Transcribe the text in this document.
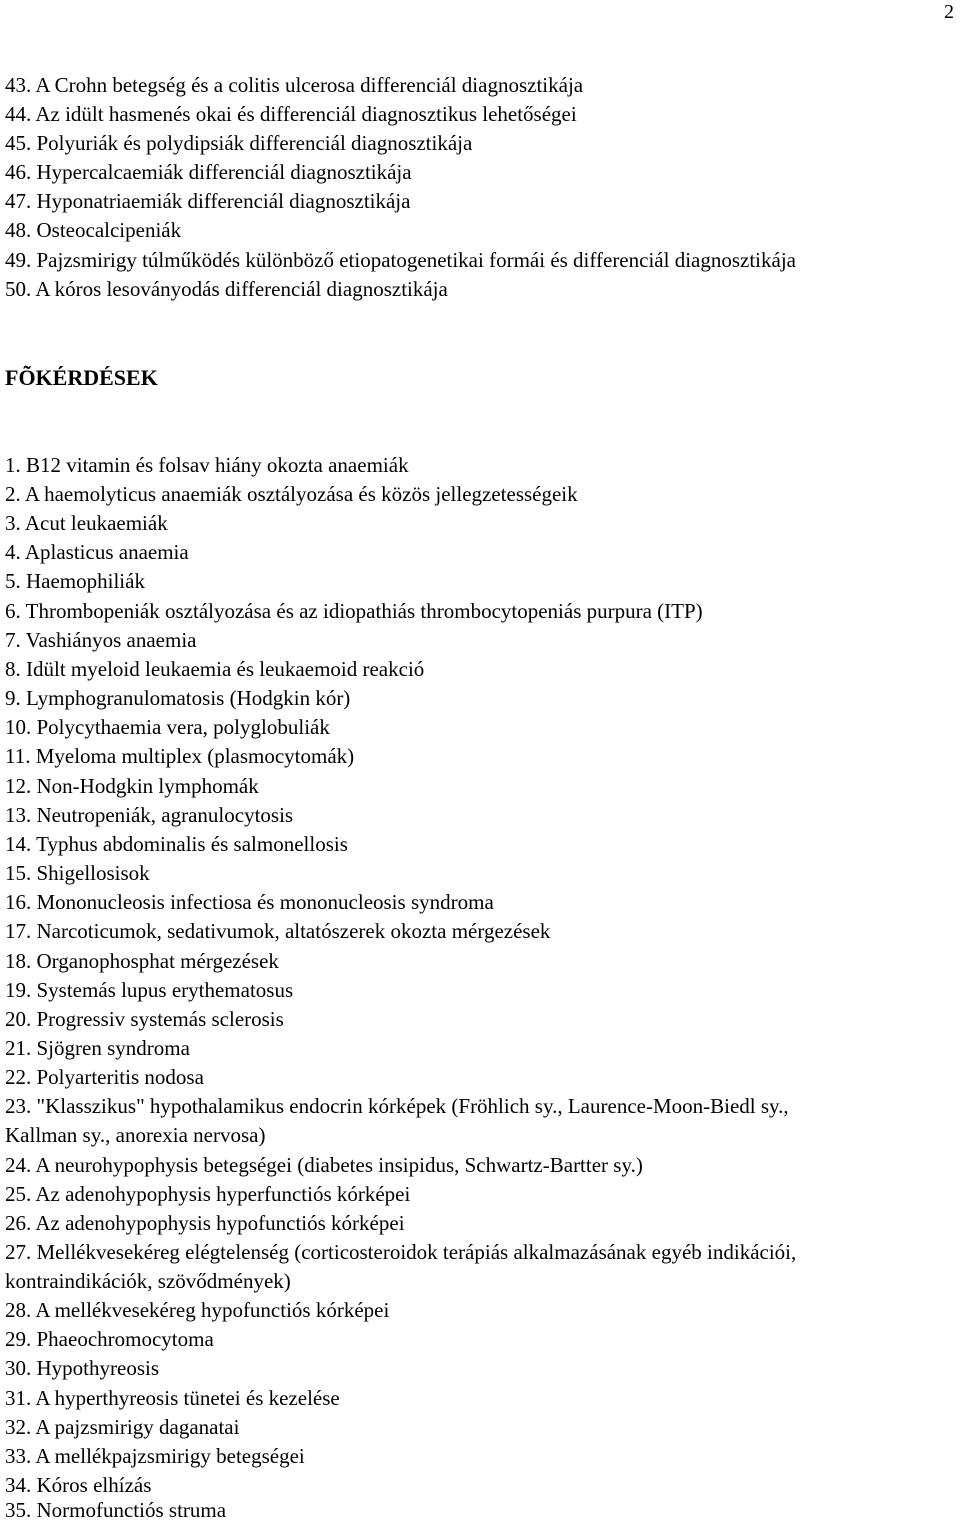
2
43. A Crohn betegség és a colitis ulcerosa differenciál diagnosztikája
44. Az idült hasmenés okai és differenciál diagnosztikus lehetőségei
45. Polyuriák és polydipsiák differenciál diagnosztikája
46. Hypercalcaemiák differenciál diagnosztikája
47. Hyponatriaemiák differenciál diagnosztikája
48. Osteocalcipeniák
49. Pajzsmirigy túlműködés különböző etiopatogenetikai formái és differenciál diagnosztikája
50. A kóros lesoványodás differenciál diagnosztikája
FÕKÉRDÉSEK
1. B12 vitamin és folsav hiány okozta anaemiák
2. A haemolyticus anaemiák osztályozása és közös jellegzetességeik
3. Acut leukaemiák
4. Aplasticus anaemia
5. Haemophiliák
6. Thrombopeniák osztályozása és az idiopathiás thrombocytopeniás purpura (ITP)
7. Vashiányos anaemia
8. Idült myeloid leukaemia és leukaemoid reakció
9. Lymphogranulomatosis (Hodgkin kór)
10. Polycythaemia vera, polyglobuliák
11. Myeloma multiplex (plasmocytomák)
12. Non-Hodgkin lymphomák
13. Neutropeniák, agranulocytosis
14. Typhus abdominalis és salmonellosis
15. Shigellosisok
16. Mononucleosis infectiosa és mononucleosis syndroma
17. Narcoticumok, sedativumok, altatószerek okozta mérgezések
18. Organophosphat mérgezések
19. Systemás lupus erythematosus
20. Progressiv systemás sclerosis
21. Sjögren syndroma
22. Polyarteritis nodosa
23. "Klasszikus" hypothalamikus endocrin kórképek (Fröhlich sy., Laurence-Moon-Biedl sy.,
Kallman sy., anorexia nervosa)
24. A neurohypophysis betegségei (diabetes insipidus, Schwartz-Bartter sy.)
25. Az adenohypophysis hyperfunctiós kórképei
26. Az adenohypophysis hypofunctiós kórképei
27. Mellékvesekéreg elégtelenség (corticosteroidok terápiás alkalmazásának egyéb indikációi,
kontraindikációk, szövődmények)
28. A mellékvesekéreg hypofunctiós kórképei
29. Phaeochromocytoma
30. Hypothyreosis
31. A hyperthyreosis tünetei és kezelése
32. A pajzsmirigy daganatai
33. A mellékpajzsmirigy betegségei
34. Kóros elhízás
35. Normofunctiós struma
